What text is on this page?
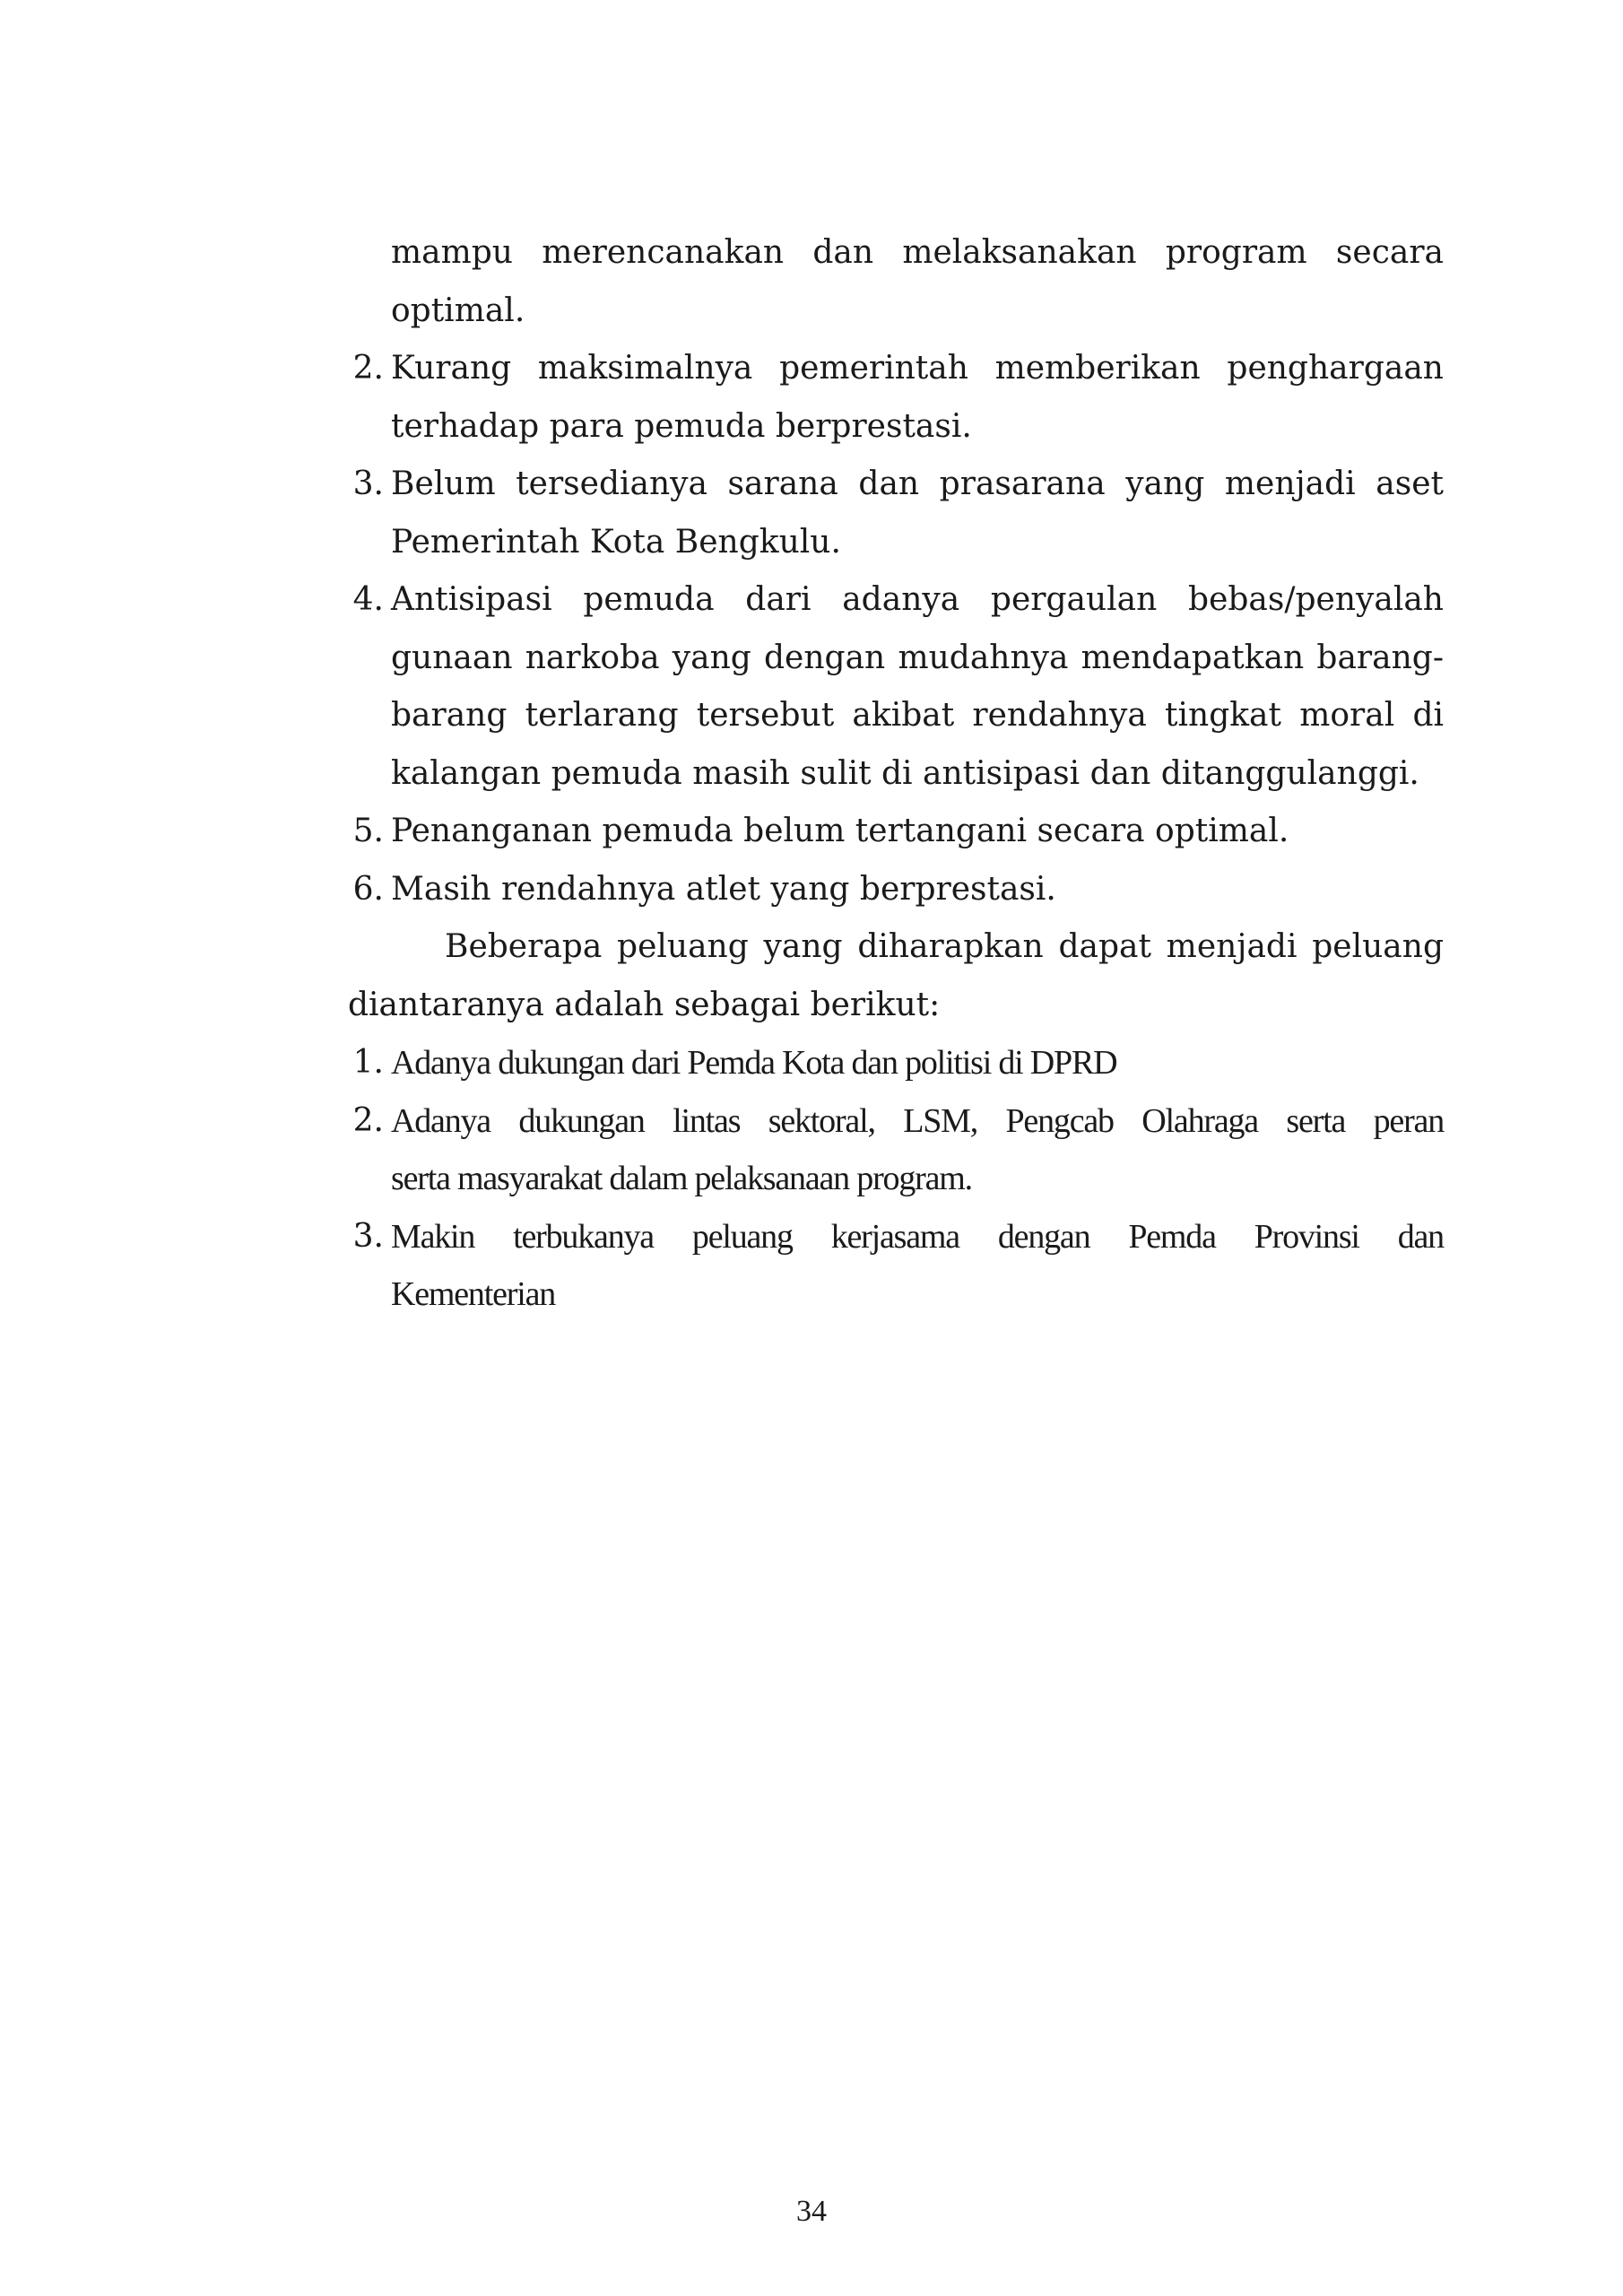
mampu merencanakan dan melaksanakan program secara
optimal.
2. Kurang maksimalnya pemerintah memberikan penghargaan
terhadap para pemuda berprestasi.
3. Belum tersedianya sarana dan prasarana yang menjadi aset
Pemerintah Kota Bengkulu.
4. Antisipasi pemuda dari adanya pergaulan bebas/penyalah
gunaan narkoba yang dengan mudahnya mendapatkan barang-
barang terlarang tersebut akibat rendahnya tingkat moral di
kalangan pemuda masih sulit di antisipasi dan ditanggulanggi.
5. Penanganan pemuda belum tertangani secara optimal.
6. Masih rendahnya atlet yang berprestasi.
Beberapa peluang yang diharapkan dapat menjadi peluang
diantaranya adalah sebagai berikut:
1. Adanya dukungan dari Pemda Kota dan politisi di DPRD
2. Adanya dukungan lintas sektoral, LSM, Pengcab Olahraga serta peran
serta masyarakat dalam pelaksanaan program.
3. Makin terbukanya peluang kerjasama dengan Pemda Provinsi dan
Kementerian
34
